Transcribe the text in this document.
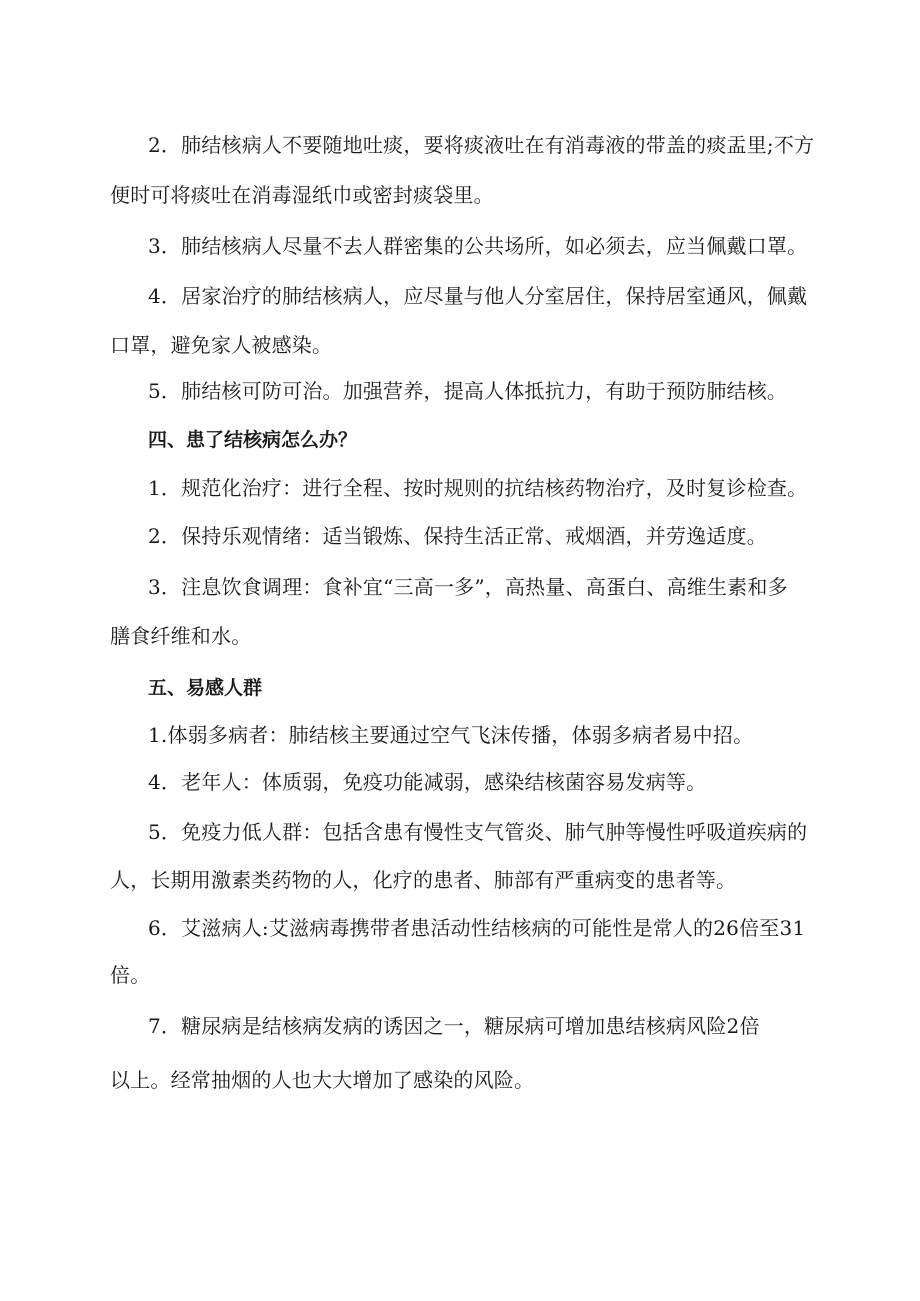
2．肺结核病人不要随地吐痰，要将痰液吐在有消毒液的带盖的痰盂里;不方
便时可将痰吐在消毒湿纸巾或密封痰袋里。
3．肺结核病人尽量不去人群密集的公共场所，如必须去，应当佩戴口罩。
4．居家治疗的肺结核病人，应尽量与他人分室居住，保持居室通风，佩戴
口罩，避免家人被感染。
5．肺结核可防可治。加强营养，提高人体抵抗力，有助于预防肺结核。
四、患了结核病怎么办？
1．规范化治疗：进行全程、按时规则的抗结核药物治疗，及时复诊检查。
2．保持乐观情绪：适当锻炼、保持生活正常、戒烟酒，并劳逸适度。
3．注息饮食调理：食补宜“三高一多”，高热量、高蛋白、高维生素和多
膳食纤维和水。
五、易感人群
1.体弱多病者：肺结核主要通过空气飞沫传播，体弱多病者易中招。
4．老年人：体质弱，免疫功能减弱，感染结核菌容易发病等。
5．免疫力低人群：包括含患有慢性支气管炎、肺气肿等慢性呼吸道疾病的
人，长期用激素类药物的人，化疗的患者、肺部有严重病变的患者等。
6．艾滋病人:艾滋病毒携带者患活动性结核病的可能性是常人的26倍至31
倍。
7．糖尿病是结核病发病的诱因之一，糖尿病可增加患结核病风险2倍
以上。经常抽烟的人也大大增加了感染的风险。
